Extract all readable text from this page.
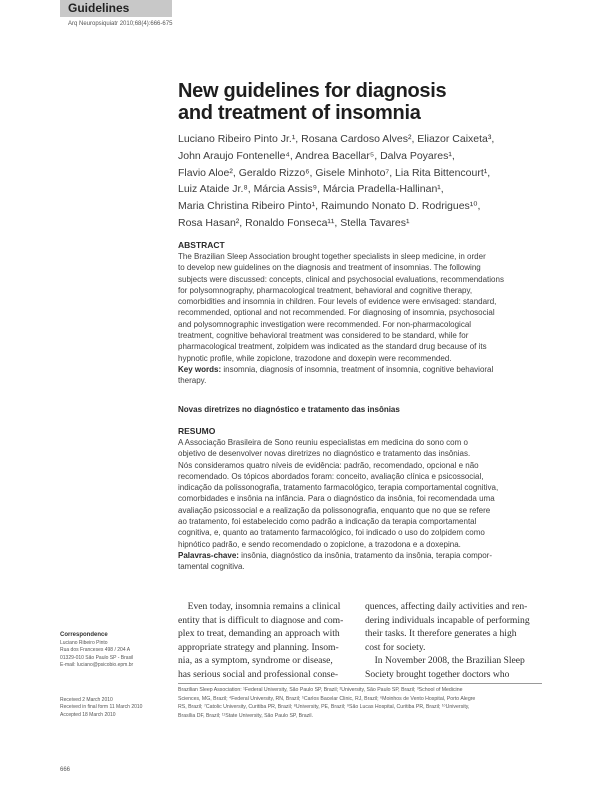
Guidelines
Arq Neuropsiquiatr 2010;68(4):666-675
New guidelines for diagnosis
and treatment of insomnia
Luciano Ribeiro Pinto Jr.¹, Rosana Cardoso Alves², Eliazor Caixeta³,
John Araujo Fontenelle⁴, Andrea Bacellar⁵, Dalva Poyares¹,
Flavio Aloe², Geraldo Rizzo⁶, Gisele Minhoto⁷, Lia Rita Bittencourt¹,
Luiz Ataide Jr.⁸, Márcia Assis⁹, Márcia Pradella-Hallinan¹,
Maria Christina Ribeiro Pinto¹, Raimundo Nonato D. Rodrigues¹⁰,
Rosa Hasan², Ronaldo Fonseca¹¹, Stella Tavares¹
ABSTRACT
The Brazilian Sleep Association brought together specialists in sleep medicine, in order
to develop new guidelines on the diagnosis and treatment of insomnias. The following
subjects were discussed: concepts, clinical and psychosocial evaluations, recommendations
for polysomnography, pharmacological treatment, behavioral and cognitive therapy,
comorbidities and insomnia in children. Four levels of evidence were envisaged: standard,
recommended, optional and not recommended. For diagnosing of insomnia, psychosocial
and polysomnographic investigation were recommended. For non-pharmacological
treatment, cognitive behavioral treatment was considered to be standard, while for
pharmacological treatment, zolpidem was indicated as the standard drug because of its
hypnotic profile, while zopiclone, trazodone and doxepin were recommended.
Key words: insomnia, diagnosis of insomnia, treatment of insomnia, cognitive behavioral
therapy.
Novas diretrizes no diagnóstico e tratamento das insônias
RESUMO
A Associação Brasileira de Sono reuniu especialistas em medicina do sono com o
objetivo de desenvolver novas diretrizes no diagnóstico e tratamento das insônias.
Nós consideramos quatro níveis de evidência: padrão, recomendado, opcional e não
recomendado. Os tópicos abordados foram: conceito, avaliação clínica e psicossocial,
indicação da polissonografia, tratamento farmacológico, terapia comportamental cognitiva,
comorbidades e insônia na infância. Para o diagnóstico da insônia, foi recomendada uma
avaliação psicossocial e a realização da polissonografia, enquanto que no que se refere
ao tratamento, foi estabelecido como padrão a indicação da terapia comportamental
cognitiva, e, quanto ao tratamento farmacológico, foi indicado o uso do zolpidem como
hipnótico padrão, e sendo recomendado o zopiclone, a trazodona e a doxepina.
Palavras-chave: insônia, diagnóstico da insônia, tratamento da insônia, terapia compor-
tamental cognitiva.
Even today, insomnia remains a clinical
entity that is difficult to diagnose and com-
plex to treat, demanding an approach with
appropriate strategy and planning. Insom-
nia, as a symptom, syndrome or disease,
has serious social and professional conse-
quences, affecting daily activities and ren-
dering individuals incapable of performing
their tasks. It therefore generates a high
cost for society.
In November 2008, the Brazilian Sleep
Society brought together doctors who
Correspondence
Luciano Ribeiro Pinto
Rua dos Franceses 498 / 204 A
01329-010 São Paulo SP - Brasil
E-mail: luciano@psicobio.epm.br
Received 2 March 2010
Received in final form 11 March 2010
Accepted 18 March 2010
Brazilian Sleep Association: ¹Federal University, São Paulo SP, Brazil; ²University, São Paulo SP, Brazil; ³School of Medicine
Sciences, MG, Brazil; ⁴Federal University, RN, Brazil; ⁵Carlos Bacelar Clinic, RJ, Brazil; ⁶Moinhos de Vento Hospital, Porto Alegre
RS, Brazil; ⁷Catolic University, Curitiba PR, Brazil; ⁸University, PE, Brazil; ⁹São Lucas Hospital, Curitiba PR, Brazil; ¹⁰University,
Brasília DF, Brazil; ¹¹State University, São Paulo SP, Brazil.
666
